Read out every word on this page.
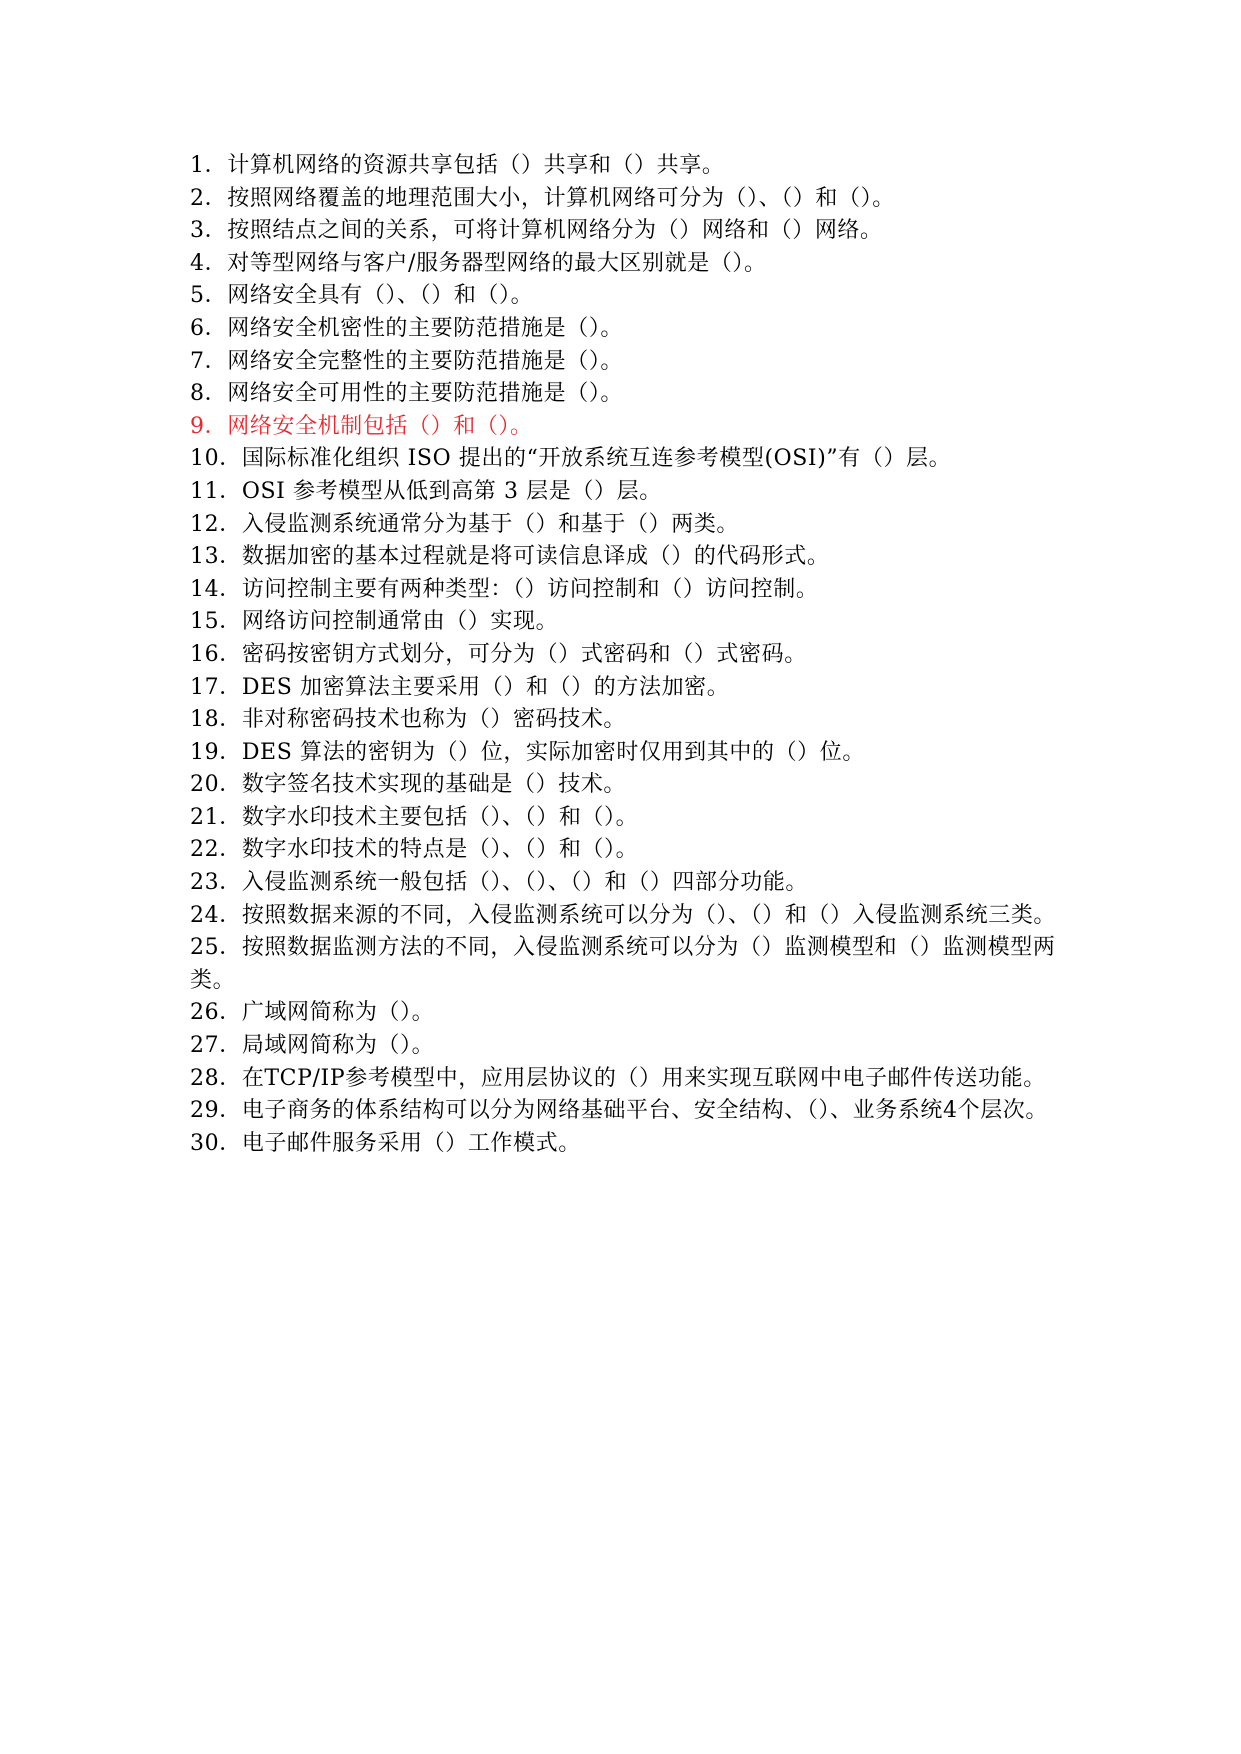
1．计算机网络的资源共享包括（）共享和（）共享。

2．按照网络覆盖的地理范围大小，计算机网络可分为（）、（）和（）。

3．按照结点之间的关系，可将计算机网络分为（）网络和（）网络。

4．对等型网络与客户/服务器型网络的最大区别就是（）。

5．网络安全具有（）、（）和（）。

6．网络安全机密性的主要防范措施是（）。

7．网络安全完整性的主要防范措施是（）。

8．网络安全可用性的主要防范措施是（）。

9．网络安全机制包括（）和（）。

10．国际标准化组织 ISO 提出的“开放系统互连参考模型(OSI)”有（）层。

11．OSI 参考模型从低到高第 3 层是（）层。

12．入侵监测系统通常分为基于（）和基于（）两类。

13．数据加密的基本过程就是将可读信息译成（）的代码形式。

14．访问控制主要有两种类型：（）访问控制和（）访问控制。

15．网络访问控制通常由（）实现。

16．密码按密钥方式划分，可分为（）式密码和（）式密码。

17．DES 加密算法主要采用（）和（）的方法加密。

18．非对称密码技术也称为（）密码技术。

19．DES 算法的密钥为（）位，实际加密时仅用到其中的（）位。

20．数字签名技术实现的基础是（）技术。

21．数字水印技术主要包括（）、（）和（）。

22．数字水印技术的特点是（）、（）和（）。

23．入侵监测系统一般包括（）、（）、（）和（）四部分功能。

24．按照数据来源的不同，入侵监测系统可以分为（）、（）和（）入侵监测系统三类。

25．按照数据监测方法的不同，入侵监测系统可以分为（）监测模型和（）监测模型两类。

26．广域网简称为（）。

27．局域网简称为（）。

28．在TCP/IP参考模型中，应用层协议的（）用来实现互联网中电子邮件传送功能。

29．电子商务的体系结构可以分为网络基础平台、安全结构、（）、业务系统4个层次。

30．电子邮件服务采用（）工作模式。
